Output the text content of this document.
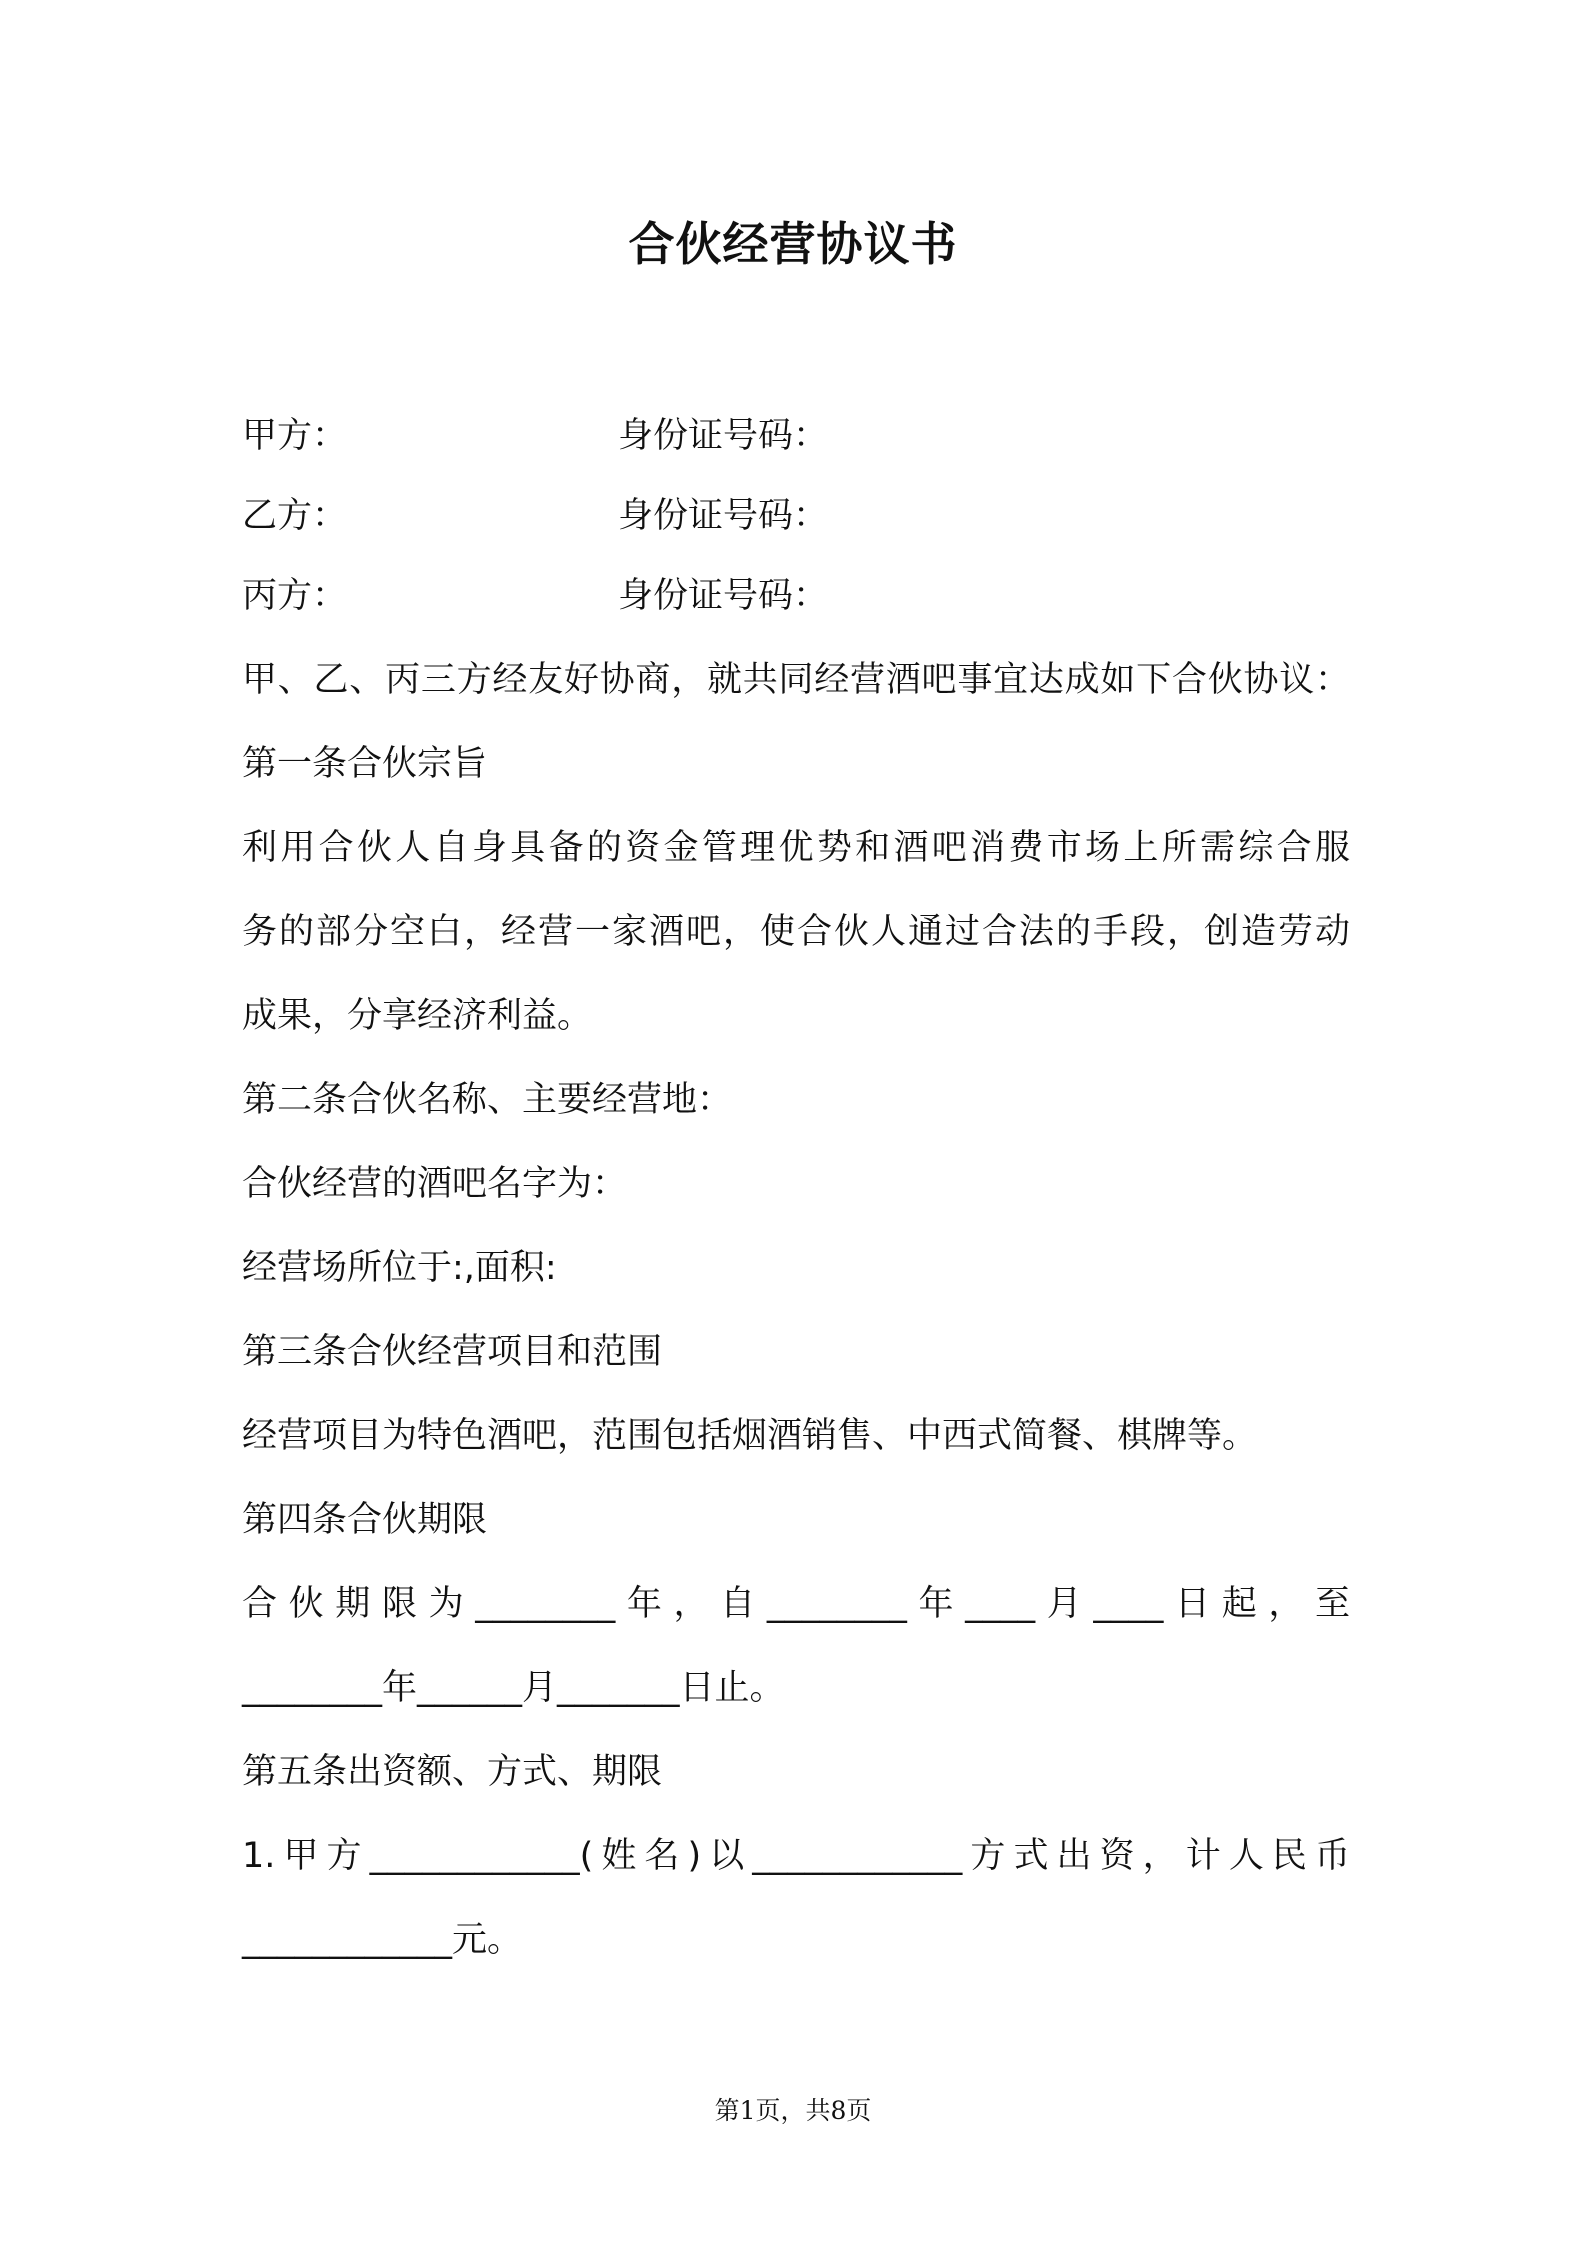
合伙经营协议书
甲方：	身份证号码：
乙方：	身份证号码：
丙方：	身份证号码：
甲、乙、丙三方经友好协商，就共同经营酒吧事宜达成如下合伙协议：
第一条合伙宗旨
利用合伙人自身具备的资金管理优势和酒吧消费市场上所需综合服
务的部分空白，经营一家酒吧，使合伙人通过合法的手段，创造劳动
成果，分享经济利益。
第二条合伙名称、主要经营地：
合伙经营的酒吧名字为：
经营场所位于:,面积:
第三条合伙经营项目和范围
经营项目为特色酒吧，范围包括烟酒销售、中西式简餐、棋牌等。
第四条合伙期限
合伙期限为________年，自________年____月____日起，至
________年______月_______日止。
第五条出资额、方式、期限
1.甲方____________(姓名)以____________方式出资，计人民币
____________元。
第1页，共8页
